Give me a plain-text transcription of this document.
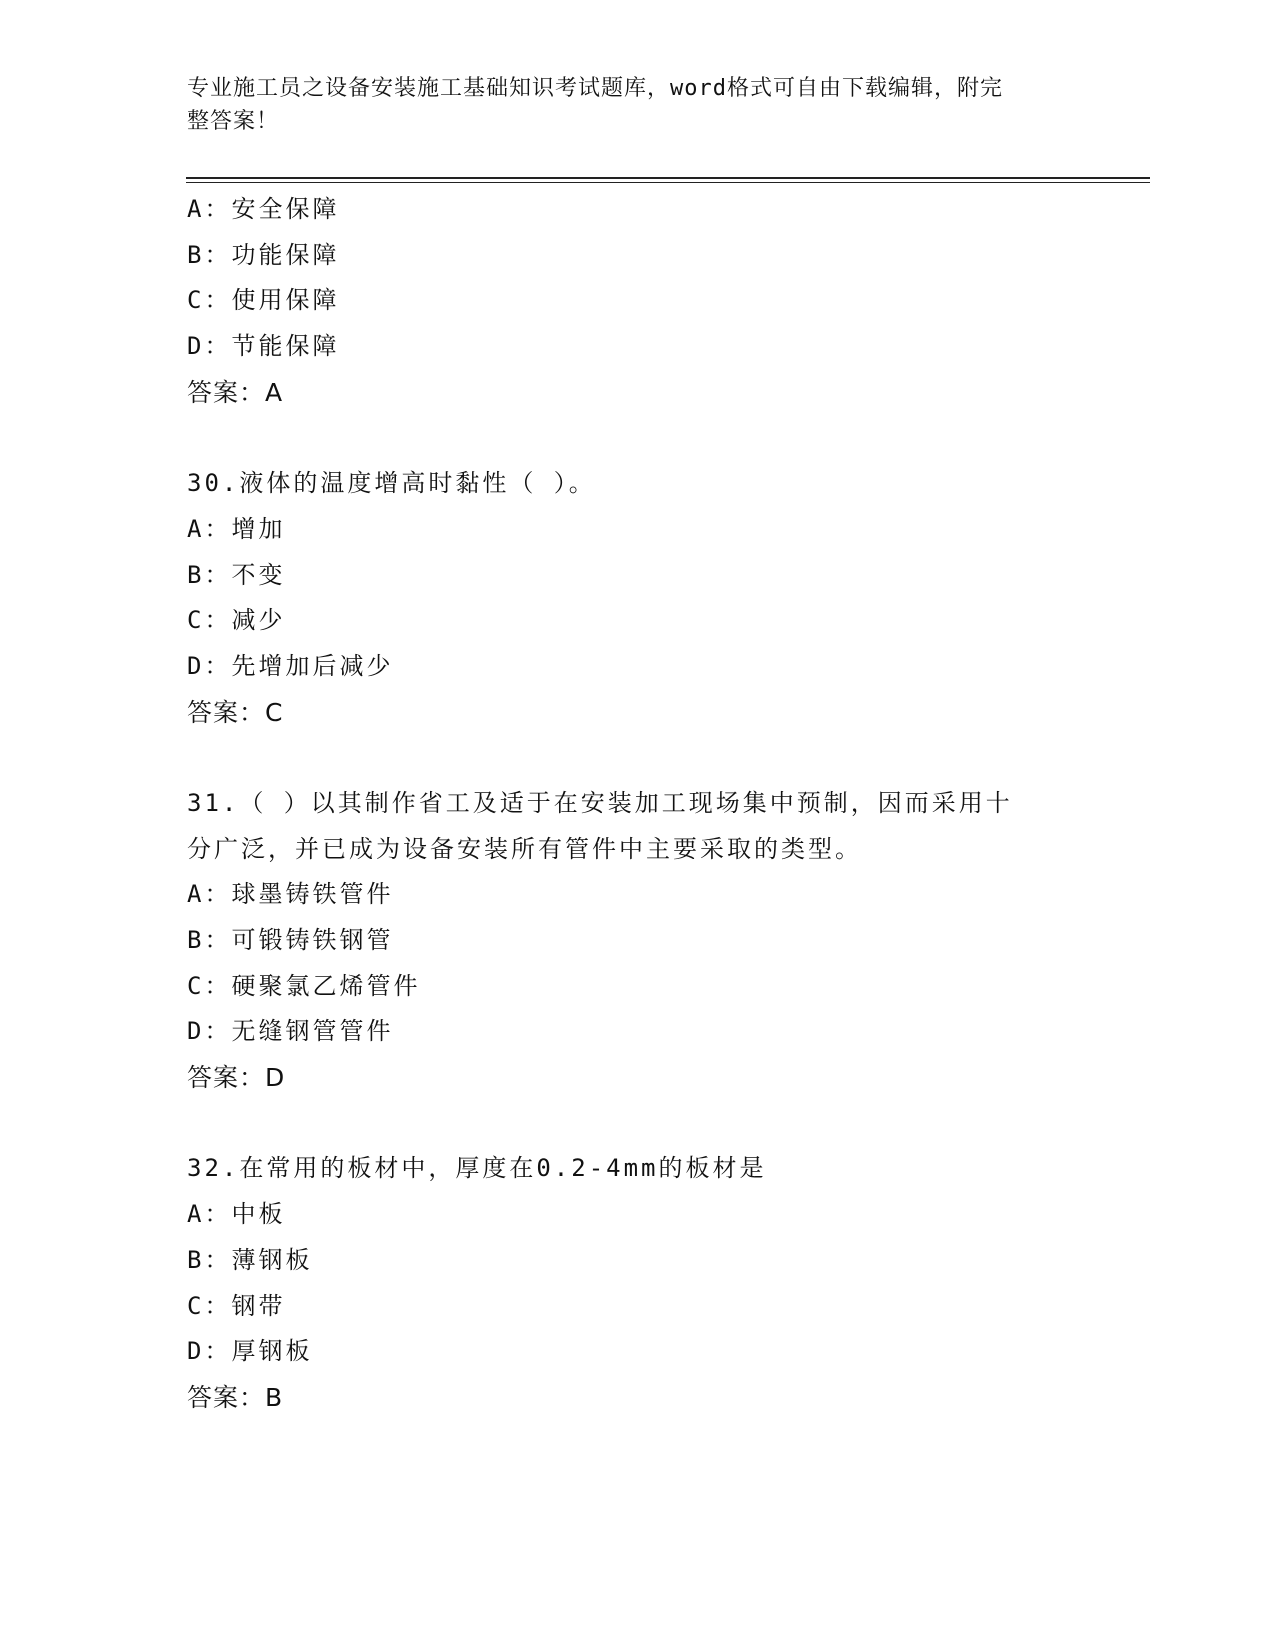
专业施工员之设备安装施工基础知识考试题库，word格式可自由下载编辑，附完
整答案！
A：安全保障
B：功能保障
C：使用保障
D：节能保障
答案：A
30.液体的温度增高时黏性（ ）。
A：增加
B：不变
C：减少
D：先增加后减少
答案：C
31.（ ）以其制作省工及适于在安装加工现场集中预制，因而采用十
分广泛，并已成为设备安装所有管件中主要采取的类型。
A：球墨铸铁管件
B：可锻铸铁钢管
C：硬聚氯乙烯管件
D：无缝钢管管件
答案：D
32.在常用的板材中，厚度在0.2-4mm的板材是
A：中板
B：薄钢板
C：钢带
D：厚钢板
答案：B
